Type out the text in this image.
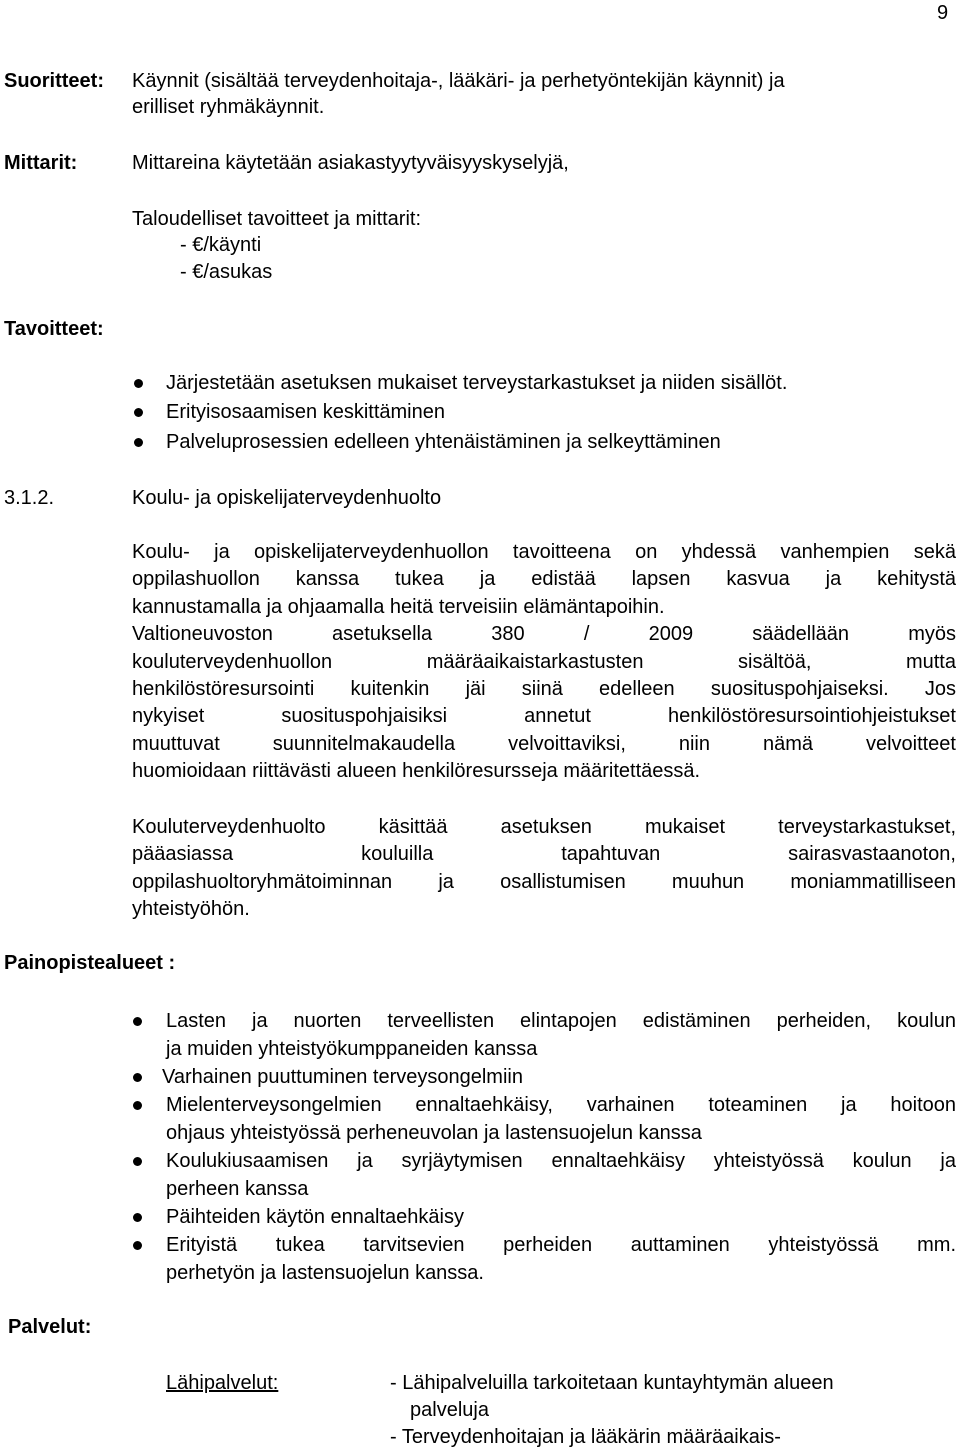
9
Suoritteet: Käynnit (sisältää terveydenhoitaja-, lääkäri- ja perhetyöntekijän käynnit) ja
erilliset ryhmäkäynnit.
Mittarit:	Mittareina käytetään asiakastyytyväisyyskyselyjä,
Taloudelliset tavoitteet ja mittarit:
- €/käynti
- €/asukas
Tavoitteet:
Järjestetään asetuksen mukaiset terveystarkastukset ja niiden sisällöt.
Erityisosaamisen keskittäminen
Palveluprosessien edelleen yhtenäistäminen ja selkeyttäminen
3.1.2.	Koulu- ja opiskelijaterveydenhuolto

Koulu- ja opiskelijaterveydenhuollon tavoitteena on yhdessä vanhempien sekä

oppilashuollon kanssa tukea ja edistää lapsen kasvua ja kehitystä

kannustamalla ja ohjaamalla heitä terveisiin elämäntapoihin.

Valtioneuvoston asetuksella 380 / 2009 säädellään myös

kouluterveydenhuollon määräaikaistarkastusten sisältöä, mutta

henkilöstöresursointi kuitenkin jäi siinä edelleen suosituspohjaiseksi. Jos

nykyiset suosituspohjaisiksi annetut henkilöstöresursointiohjeistukset

muuttuvat suunnitelmakaudella velvoittaviksi, niin nämä velvoitteet

huomioidaan riittävästi alueen henkilöresursseja määritettäessä.

Kouluterveydenhuolto käsittää asetuksen mukaiset terveystarkastukset,

pääasiassa kouluilla tapahtuvan sairasvastaanoton,

oppilashuoltoryhmätoiminnan ja osallistumisen muuhun moniammatilliseen

yhteistyöhön.

Painopistealueet :
Lasten ja nuorten terveellisten elintapojen edistäminen perheiden, koulun
ja muiden yhteistyökumppaneiden kanssa
Varhainen puuttuminen terveysongelmiin
Mielenterveysongelmien ennaltaehkäisy, varhainen toteaminen ja hoitoon
ohjaus yhteistyössä perheneuvolan ja lastensuojelun kanssa
Koulukiusaamisen ja syrjäytymisen ennaltaehkäisy yhteistyössä koulun ja
perheen kanssa
Päihteiden käytön ennaltaehkäisy
Erityistä tukea tarvitsevien perheiden auttaminen yhteistyössä mm.
perhetyön ja lastensuojelun kanssa.
Palvelut:
Lähipalvelut:	- Lähipalveluilla tarkoitetaan kuntayhtymän alueen
palveluja
- Terveydenhoitajan ja lääkärin määräaikais-
